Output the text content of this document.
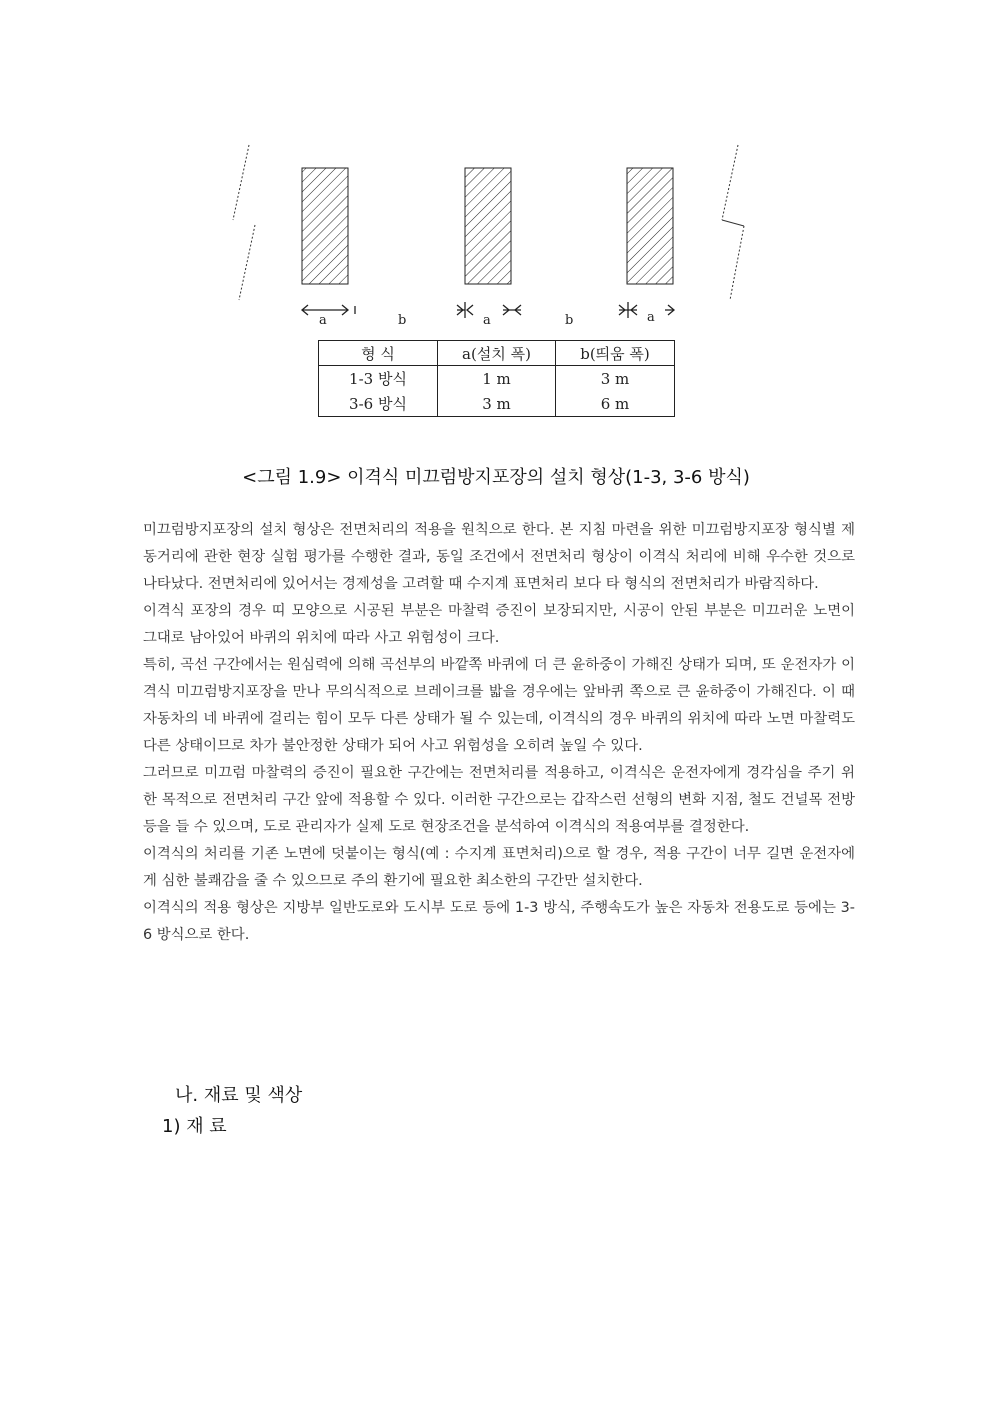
a	b	a	b	a
형 식	a(설치 폭)	b(띄움 폭)
1-3 방식	1 m	3 m
3-6 방식	3 m	6 m
<그림 1.9> 이격식 미끄럼방지포장의 설치 형상(1-3, 3-6 방식)

미끄럼방지포장의 설치 형상은 전면처리의 적용을 원칙으로 한다. 본 지침 마련을 위한 미끄럼방지포장 형식별 제동거리에 관한 현장 실험 평가를 수행한 결과, 동일 조건에서 전면처리 형상이 이격식 처리에 비해 우수한 것으로 나타났다. 전면처리에 있어서는 경제성을 고려할 때 수지계 표면처리 보다 타 형식의 전면처리가 바람직하다.

이격식 포장의 경우 띠 모양으로 시공된 부분은 마찰력 증진이 보장되지만, 시공이 안된 부분은 미끄러운 노면이 그대로 남아있어 바퀴의 위치에 따라 사고 위험성이 크다.

특히, 곡선 구간에서는 원심력에 의해 곡선부의 바깥쪽 바퀴에 더 큰 윤하중이 가해진 상태가 되며, 또 운전자가 이격식 미끄럼방지포장을 만나 무의식적으로 브레이크를 밟을 경우에는 앞바퀴 쪽으로 큰 윤하중이 가해진다. 이 때 자동차의 네 바퀴에 걸리는 힘이 모두 다른 상태가 될 수 있는데, 이격식의 경우 바퀴의 위치에 따라 노면 마찰력도 다른 상태이므로 차가 불안정한 상태가 되어 사고 위험성을 오히려 높일 수 있다.

그러므로 미끄럼 마찰력의 증진이 필요한 구간에는 전면처리를 적용하고, 이격식은 운전자에게 경각심을 주기 위한 목적으로 전면처리 구간 앞에 적용할 수 있다. 이러한 구간으로는 갑작스런 선형의 변화 지점, 철도 건널목 전방 등을 들 수 있으며, 도로 관리자가 실제 도로 현장조건을 분석하여 이격식의 적용여부를 결정한다.

이격식의 처리를 기존 노면에 덧붙이는 형식(예 : 수지계 표면처리)으로 할 경우, 적용 구간이 너무 길면 운전자에게 심한 불쾌감을 줄 수 있으므로 주의 환기에 필요한 최소한의 구간만 설치한다.

이격식의 적용 형상은 지방부 일반도로와 도시부 도로 등에 1-3 방식, 주행속도가 높은 자동차 전용도로 등에는 3-6 방식으로 한다.

나. 재료 및 색상
1) 재 료
